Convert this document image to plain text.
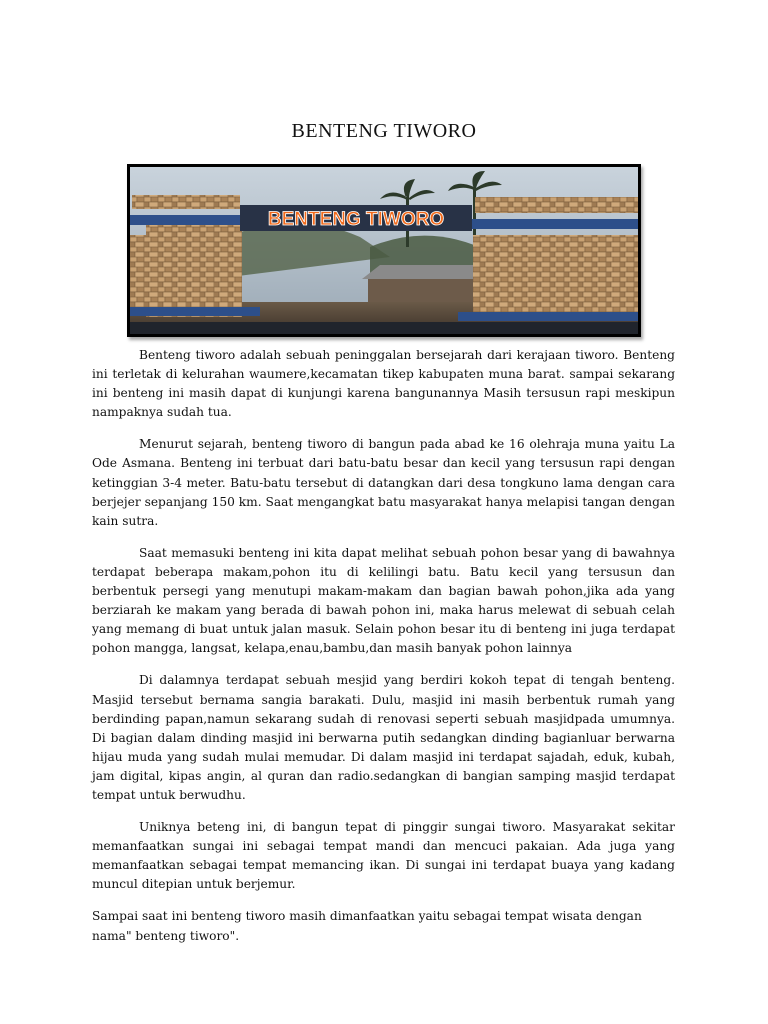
BENTENG TIWORO
BENTENG TIWORO

Benteng tiworo adalah sebuah peninggalan bersejarah dari kerajaan tiworo. Benteng ini terletak di kelurahan waumere,kecamatan tikep kabupaten muna barat. sampai sekarang ini benteng ini masih dapat di kunjungi karena bangunannya Masih tersusun rapi meskipun nampaknya sudah tua.

Menurut sejarah, benteng tiworo di bangun pada abad ke 16 olehraja muna yaitu La Ode Asmana. Benteng ini terbuat dari batu-batu besar dan kecil yang tersusun rapi dengan ketinggian 3-4 meter. Batu-batu tersebut di datangkan dari desa tongkuno lama dengan cara berjejer sepanjang 150 km. Saat mengangkat batu masyarakat hanya melapisi tangan dengan kain sutra.

Saat memasuki benteng ini kita dapat melihat sebuah pohon besar yang di bawahnya terdapat beberapa makam,pohon itu di kelilingi batu. Batu kecil yang tersusun dan berbentuk persegi yang menutupi makam-makam dan bagian bawah pohon,jika ada yang berziarah ke makam yang berada di bawah pohon ini, maka harus melewat di sebuah celah yang memang di buat untuk jalan masuk. Selain pohon besar itu di benteng ini juga terdapat pohon mangga, langsat, kelapa,enau,bambu,dan masih banyak pohon lainnya

Di dalamnya terdapat sebuah mesjid yang berdiri kokoh tepat di tengah benteng. Masjid tersebut bernama sangia barakati. Dulu, masjid ini masih berbentuk rumah yang berdinding papan,namun sekarang sudah di renovasi seperti sebuah masjidpada umumnya. Di bagian dalam dinding masjid ini berwarna putih sedangkan dinding bagianluar berwarna hijau muda yang sudah mulai memudar. Di dalam masjid ini terdapat sajadah, eduk, kubah, jam digital, kipas angin, al quran dan radio.sedangkan di bangian samping masjid terdapat tempat untuk berwudhu.

Uniknya beteng ini, di bangun tepat di pinggir sungai tiworo. Masyarakat sekitar memanfaatkan sungai ini sebagai tempat mandi dan mencuci pakaian. Ada juga yang memanfaatkan sebagai tempat memancing ikan. Di sungai ini terdapat buaya yang kadang muncul ditepian untuk berjemur.

Sampai saat ini benteng tiworo masih dimanfaatkan yaitu sebagai tempat wisata dengan nama" benteng tiworo".
